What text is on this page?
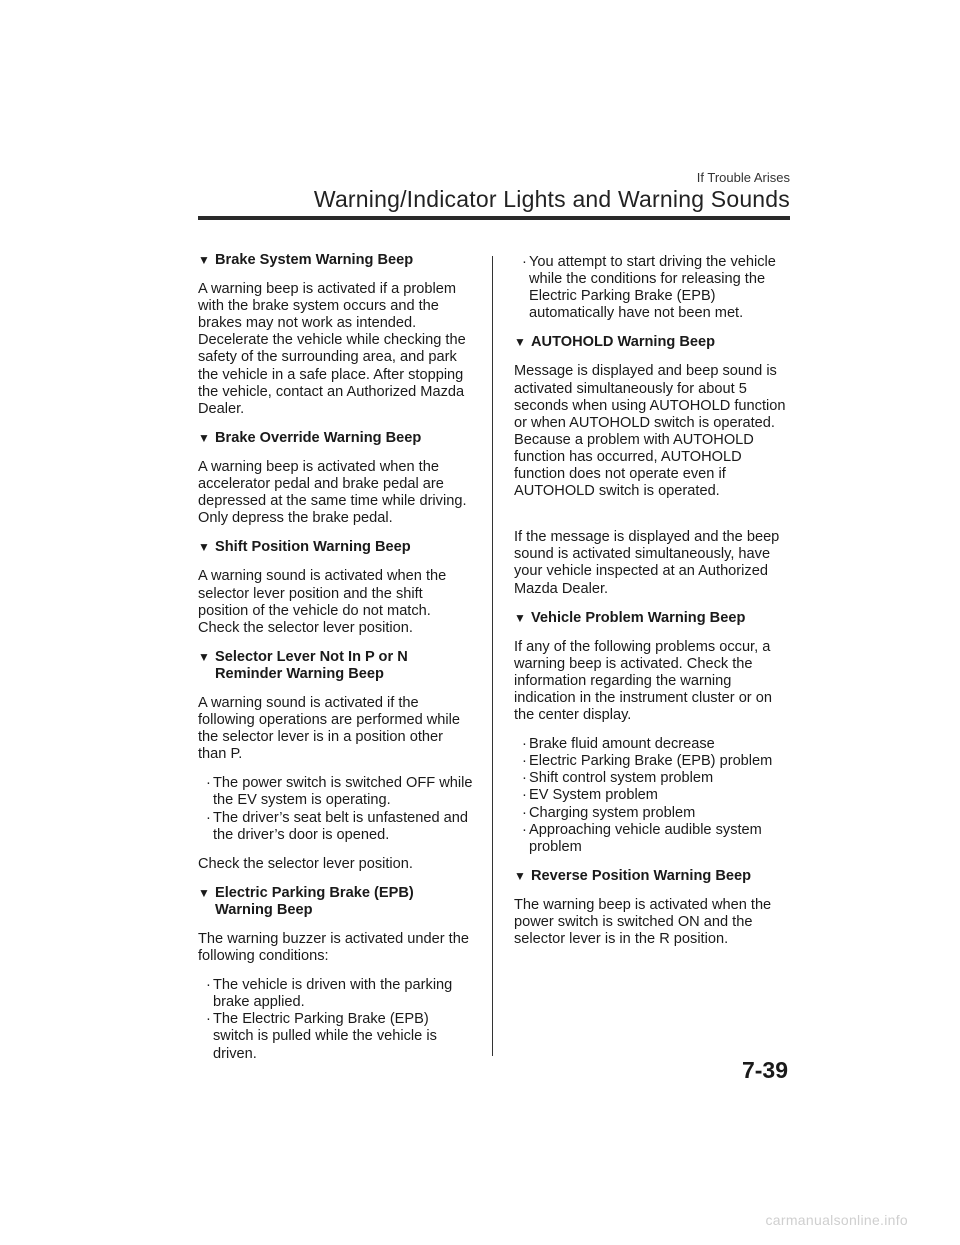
If Trouble Arises
Warning/Indicator Lights and Warning Sounds
▼ Brake System Warning Beep

A warning beep is activated if a problem with the brake system occurs and the brakes may not work as intended. Decelerate the vehicle while checking the safety of the surrounding area, and park the vehicle in a safe place. After stopping the vehicle, contact an Authorized Mazda Dealer.

▼ Brake Override Warning Beep

A warning beep is activated when the accelerator pedal and brake pedal are depressed at the same time while driving. Only depress the brake pedal.

▼ Shift Position Warning Beep

A warning sound is activated when the selector lever position and the shift position of the vehicle do not match. Check the selector lever position.

▼ Selector Lever Not In P or N Reminder Warning Beep

A warning sound is activated if the following operations are performed while the selector lever is in a position other than P.

· The power switch is switched OFF while the EV system is operating.
· The driver’s seat belt is unfastened and the driver’s door is opened.

Check the selector lever position.

▼ Electric Parking Brake (EPB) Warning Beep

The warning buzzer is activated under the following conditions:

· The vehicle is driven with the parking brake applied.
· The Electric Parking Brake (EPB) switch is pulled while the vehicle is driven.
· You attempt to start driving the vehicle while the conditions for releasing the Electric Parking Brake (EPB) automatically have not been met.
▼ AUTOHOLD Warning Beep

Message is displayed and beep sound is activated simultaneously for about 5 seconds when using AUTOHOLD function or when AUTOHOLD switch is operated.

Because a problem with AUTOHOLD function has occurred, AUTOHOLD function does not operate even if AUTOHOLD switch is operated.

If the message is displayed and the beep sound is activated simultaneously, have your vehicle inspected at an Authorized Mazda Dealer.

▼ Vehicle Problem Warning Beep

If any of the following problems occur, a warning beep is activated. Check the information regarding the warning indication in the instrument cluster or on the center display.

· Brake fluid amount decrease
· Electric Parking Brake (EPB) problem
· Shift control system problem
· EV System problem
· Charging system problem
· Approaching vehicle audible system problem
▼ Reverse Position Warning Beep

The warning beep is activated when the power switch is switched ON and the selector lever is in the R position.

7-39
carmanualsonline.info
